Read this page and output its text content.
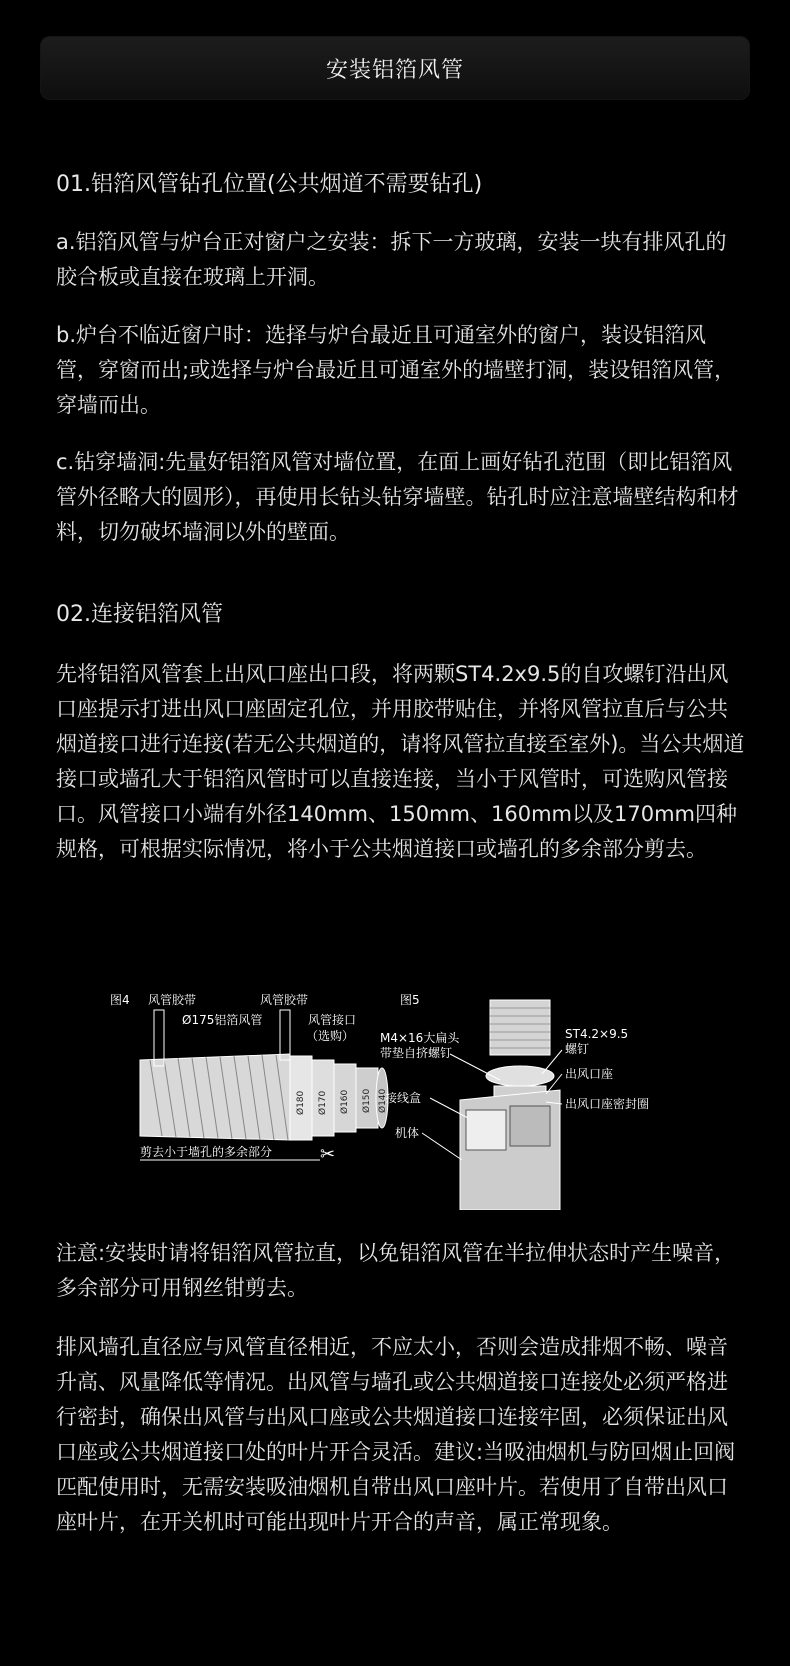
安装铝箔风管
01.铝箔风管钻孔位置(公共烟道不需要钻孔)

a.铝箔风管与炉台正对窗户之安装：拆下一方玻璃，安装一块有排风孔的胶合板或直接在玻璃上开洞。

b.炉台不临近窗户时：选择与炉台最近且可通室外的窗户，装设铝箔风管，穿窗而出;或选择与炉台最近且可通室外的墙壁打洞，装设铝箔风管，穿墙而出。

c.钻穿墙洞:先量好铝箔风管对墙位置，在面上画好钻孔范围（即比铝箔风管外径略大的圆形），再使用长钻头钻穿墙壁。钻孔时应注意墙壁结构和材料，切勿破坏墙洞以外的壁面。

02.连接铝箔风管

先将铝箔风管套上出风口座出口段，将两颗ST4.2x9.5的自攻螺钉沿出风口座提示打进出风口座固定孔位，并用胶带贴住，并将风管拉直后与公共烟道接口进行连接(若无公共烟道的，请将风管拉直接至室外)。当公共烟道接口或墙孔大于铝箔风管时可以直接连接，当小于风管时，可选购风管接口。风管接口小端有外径140mm、150mm、160mm以及170mm四种规格，可根据实际情况，将小于公共烟道接口或墙孔的多余部分剪去。

图4 风管胶带	风管胶带
Ø175铝箔风管	风管接口
（选购）
Ø180 Ø170 Ø160 Ø150 Ø140
剪去小于墙孔的多余部分	✂
图5
M4×16大扁头
带垫自挤螺钉
ST4.2×9.5
螺钉
出风口座
出风口座密封圈
接线盒
机体

注意:安装时请将铝箔风管拉直，以免铝箔风管在半拉伸状态时产生噪音，多余部分可用钢丝钳剪去。

排风墙孔直径应与风管直径相近，不应太小，否则会造成排烟不畅、噪音升高、风量降低等情况。出风管与墙孔或公共烟道接口连接处必须严格进行密封，确保出风管与出风口座或公共烟道接口连接牢固，必须保证出风口座或公共烟道接口处的叶片开合灵活。建议:当吸油烟机与防回烟止回阀匹配使用时，无需安装吸油烟机自带出风口座叶片。若使用了自带出风口座叶片，在开关机时可能出现叶片开合的声音，属正常现象。
